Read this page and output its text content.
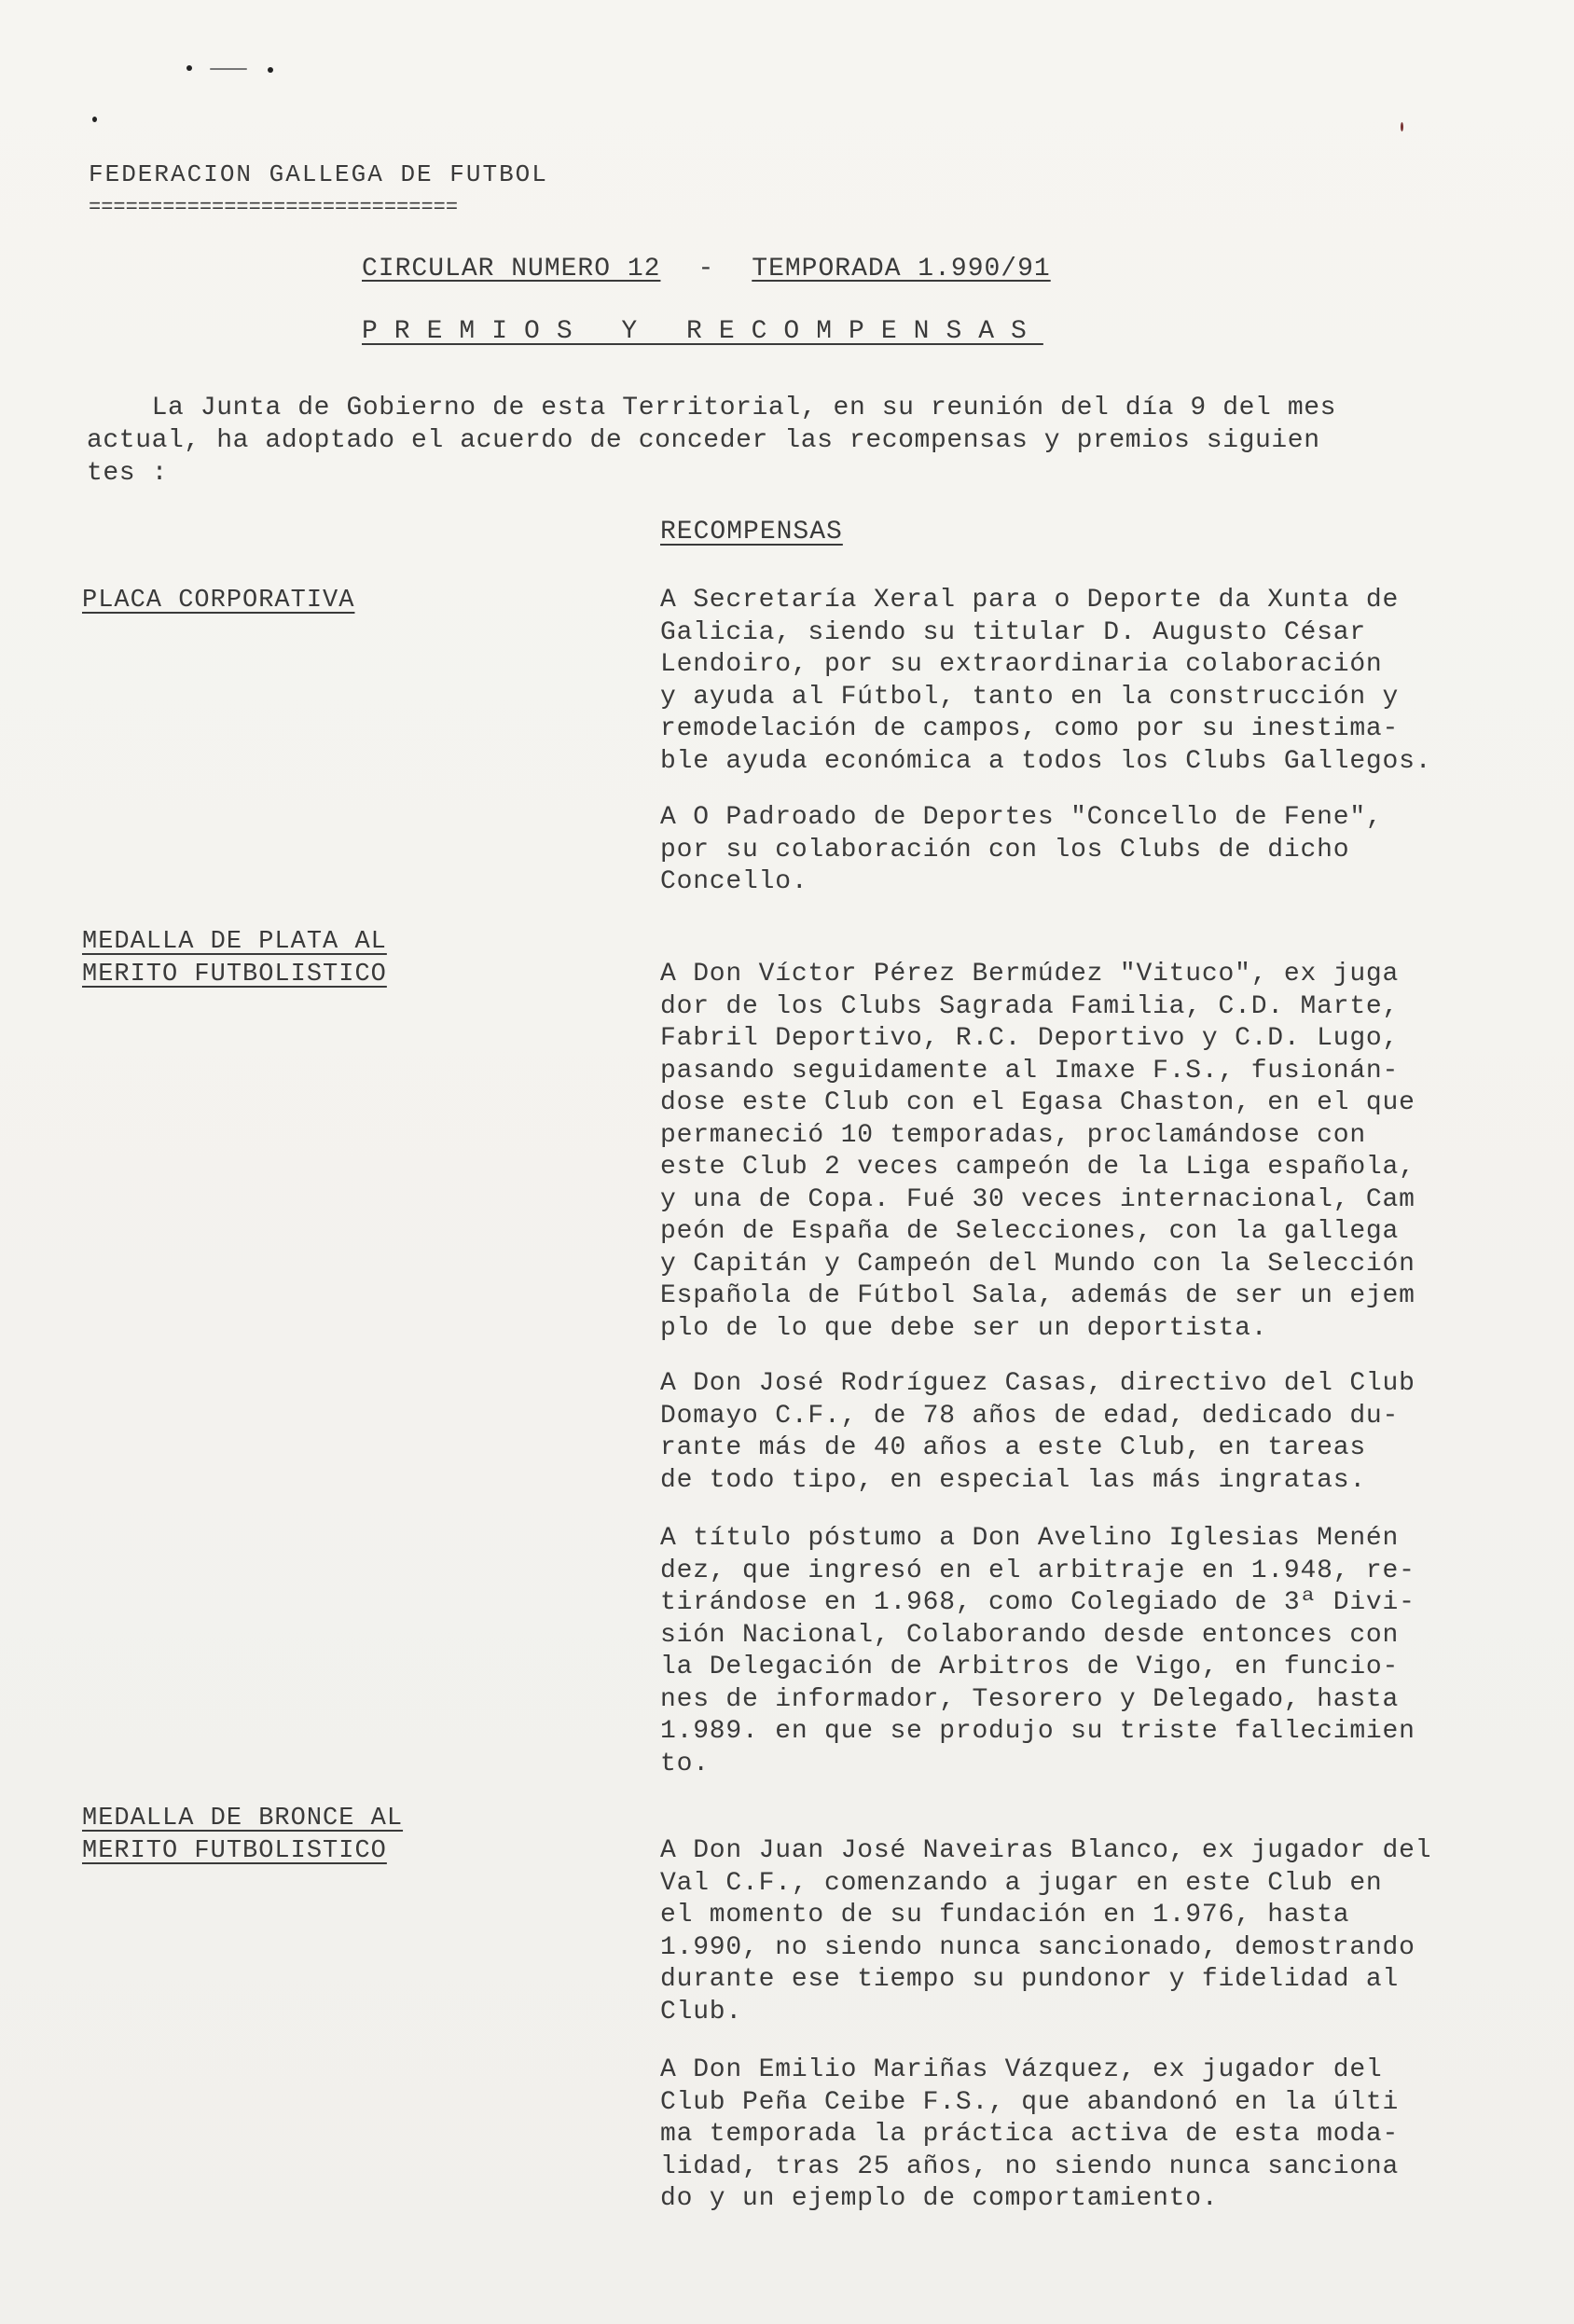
FEDERACION GALLEGA DE FUTBOL
==============================
CIRCULAR NUMERO 12 - TEMPORADA 1.990/91
PREMIOS Y RECOMPENSAS
La Junta de Gobierno de esta Territorial, en su reunión del día 9 del mes
actual, ha adoptado el acuerdo de conceder las recompensas y premios siguien
tes :
RECOMPENSAS
PLACA CORPORATIVA	A Secretaría Xeral para o Deporte da Xunta de
Galicia, siendo su titular D. Augusto César
Lendoiro, por su extraordinaria colaboración
y ayuda al Fútbol, tanto en la construcción y
remodelación de campos, como por su inestima-
ble ayuda económica a todos los Clubs Gallegos.
A O Padroado de Deportes "Concello de Fene",
por su colaboración con los Clubs de dicho
Concello.
MEDALLA DE PLATA AL
MERITO FUTBOLISTICO	A Don Víctor Pérez Bermúdez "Vituco", ex juga
dor de los Clubs Sagrada Familia, C.D. Marte,
Fabril Deportivo, R.C. Deportivo y C.D. Lugo,
pasando seguidamente al Imaxe F.S., fusionán-
dose este Club con el Egasa Chaston, en el que
permaneció 10 temporadas, proclamándose con
este Club 2 veces campeón de la Liga española,
y una de Copa. Fué 30 veces internacional, Cam
peón de España de Selecciones, con la gallega
y Capitán y Campeón del Mundo con la Selección
Española de Fútbol Sala, además de ser un ejem
plo de lo que debe ser un deportista.
A Don José Rodríguez Casas, directivo del Club
Domayo C.F., de 78 años de edad, dedicado du-
rante más de 40 años a este Club, en tareas
de todo tipo, en especial las más ingratas.
A título póstumo a Don Avelino Iglesias Menén
dez, que ingresó en el arbitraje en 1.948, re-
tirándose en 1.968, como Colegiado de 3ª Divi-
sión Nacional, Colaborando desde entonces con
la Delegación de Arbitros de Vigo, en funcio-
nes de informador, Tesorero y Delegado, hasta
1.989. en que se produjo su triste fallecimien
to.
MEDALLA DE BRONCE AL
MERITO FUTBOLISTICO	A Don Juan José Naveiras Blanco, ex jugador del
Val C.F., comenzando a jugar en este Club en
el momento de su fundación en 1.976, hasta
1.990, no siendo nunca sancionado, demostrando
durante ese tiempo su pundonor y fidelidad al
Club.
A Don Emilio Mariñas Vázquez, ex jugador del
Club Peña Ceibe F.S., que abandonó en la últi
ma temporada la práctica activa de esta moda-
lidad, tras 25 años, no siendo nunca sanciona
do y un ejemplo de comportamiento.
